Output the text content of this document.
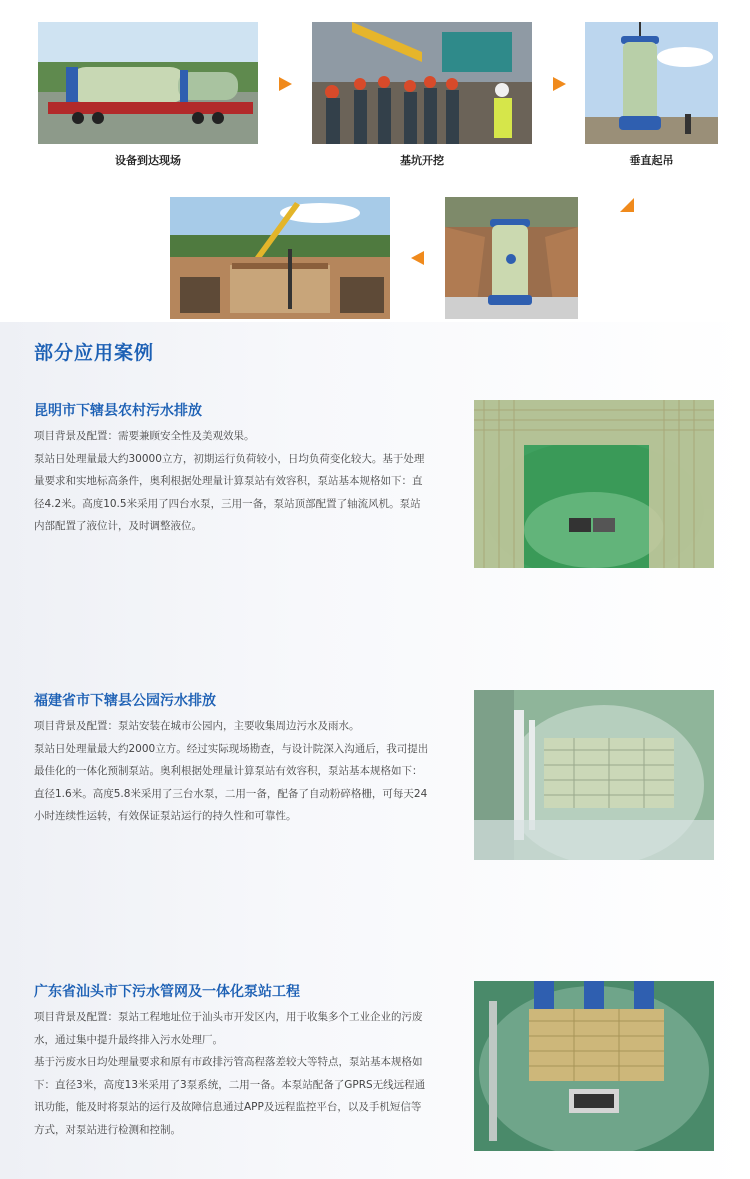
设备到达现场	基坑开挖	垂直起吊
部分应用案例
昆明市下辖县农村污水排放

项目背景及配置：需要兼顾安全性及美观效果。

泵站日处理量最大约30000立方，初期运行负荷较小，日均负荷变化较大。基于处理量要求和实地标高条件，奥利根据处理量计算泵站有效容积，泵站基本规格如下：直径4.2米。高度10.5米采用了四台水泵，三用一备，泵站顶部配置了轴流风机。泵站内部配置了液位计，及时调整液位。

福建省市下辖县公园污水排放

项目背景及配置：泵站安装在城市公园内，主要收集周边污水及雨水。

泵站日处理量最大约2000立方。经过实际现场勘查，与设计院深入沟通后，我司提出最佳化的一体化预制泵站。奥利根据处理量计算泵站有效容积，泵站基本规格如下：直径1.6米。高度5.8米采用了三台水泵，二用一备，配备了自动粉碎格栅，可每天24小时连续性运转，有效保证泵站运行的持久性和可靠性。

广东省汕头市下污水管网及一体化泵站工程

项目背景及配置：泵站工程地址位于汕头市开发区内，用于收集多个工业企业的污废水，通过集中提升最终排入污水处理厂。

基于污废水日均处理量要求和原有市政排污管高程落差较大等特点，泵站基本规格如下：直径3米，高度13米采用了3泵系统，二用一备。本泵站配备了GPRS无线远程通讯功能，能及时将泵站的运行及故障信息通过APP及远程监控平台，以及手机短信等方式，对泵站进行检测和控制。
